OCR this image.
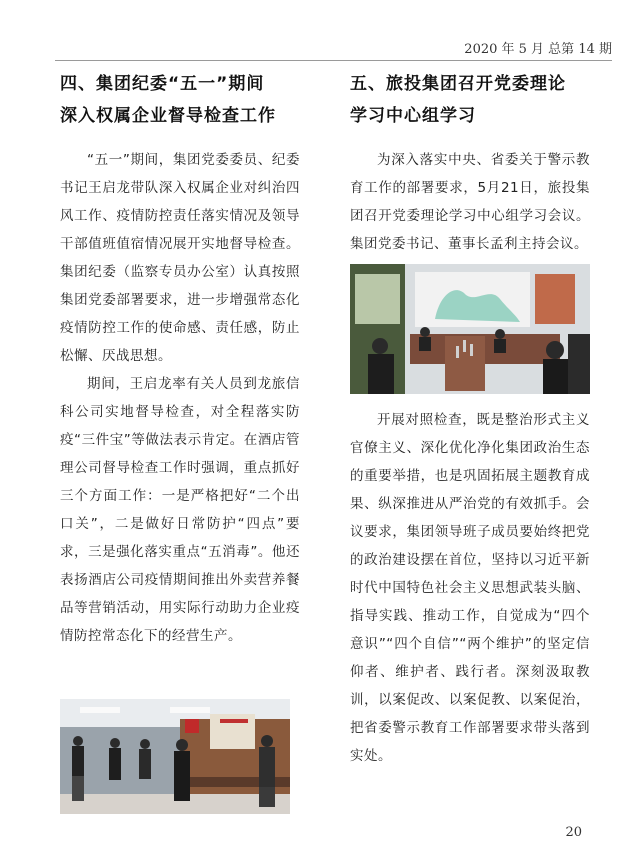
2020 年 5 月 总第 14 期
四、集团纪委“五一”期间
深入权属企业督导检查工作

“五一”期间，集团党委委员、纪委书记王启龙带队深入权属企业对纠治四风工作、疫情防控责任落实情况及领导干部值班值宿情况展开实地督导检查。集团纪委（监察专员办公室）认真按照集团党委部署要求，进一步增强常态化疫情防控工作的使命感、责任感，防止松懈、厌战思想。

期间，王启龙率有关人员到龙旅信科公司实地督导检查，对全程落实防疫“三件宝”等做法表示肯定。在酒店管理公司督导检查工作时强调，重点抓好三个方面工作：一是严格把好“二个出口关”，二是做好日常防护“四点”要求，三是强化落实重点“五消毒”。他还表扬酒店公司疫情期间推出外卖营养餐品等营销活动，用实际行动助力企业疫情防控常态化下的经营生产。

五、旅投集团召开党委理论
学习中心组学习

为深入落实中央、省委关于警示教育工作的部署要求，5月21日，旅投集团召开党委理论学习中心组学习会议。集团党委书记、董事长孟利主持会议。

开展对照检查，既是整治形式主义官僚主义、深化优化净化集团政治生态的重要举措，也是巩固拓展主题教育成果、纵深推进从严治党的有效抓手。会议要求，集团领导班子成员要始终把党的政治建设摆在首位，坚持以习近平新时代中国特色社会主义思想武装头脑、指导实践、推动工作，自觉成为“四个意识”“四个自信”“两个维护”的坚定信仰者、维护者、践行者。深刻汲取教训，以案促改、以案促教、以案促治，把省委警示教育工作部署要求带头落到实处。

20
